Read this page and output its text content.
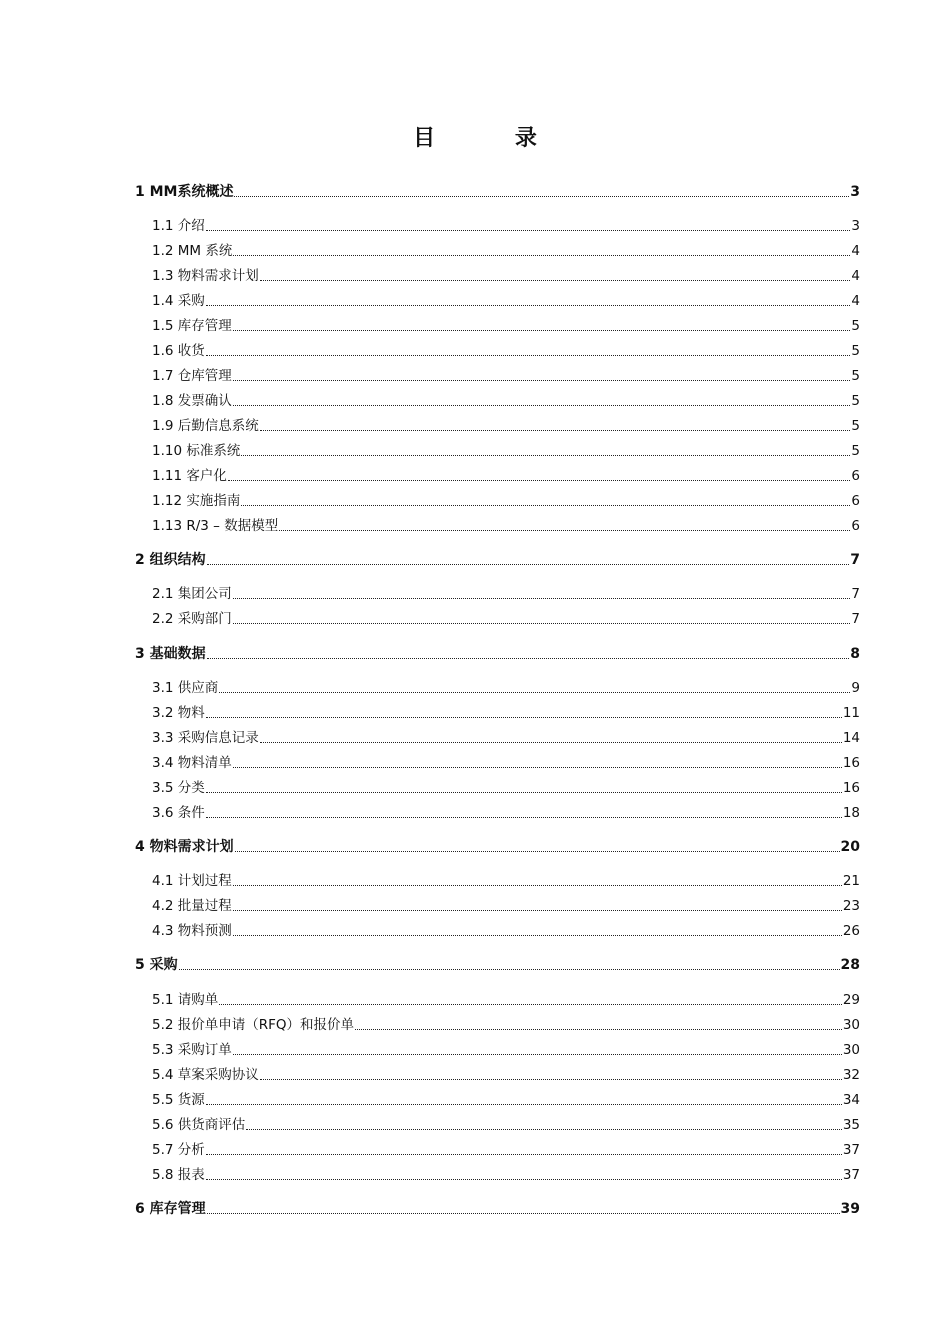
目 录
1 MM系统概述	3
1.1 介绍	3
1.2 MM 系统	4
1.3 物料需求计划	4
1.4 采购	4
1.5 库存管理	5
1.6 收货	5
1.7 仓库管理	5
1.8 发票确认	5
1.9 后勤信息系统	5
1.10 标准系统	5
1.11 客户化	6
1.12 实施指南	6
1.13 R/3 – 数据模型	6
2 组织结构	7
2.1 集团公司	7
2.2 采购部门	7
3 基础数据	8
3.1 供应商	9
3.2 物料	11
3.3 采购信息记录	14
3.4 物料清单	16
3.5 分类	16
3.6 条件	18
4 物料需求计划	20
4.1 计划过程	21
4.2 批量过程	23
4.3 物料预测	26
5 采购	28
5.1 请购单	29
5.2 报价单申请（RFQ）和报价单	30
5.3 采购订单	30
5.4 草案采购协议	32
5.5 货源	34
5.6 供货商评估	35
5.7 分析	37
5.8 报表	37
6 库存管理	39
